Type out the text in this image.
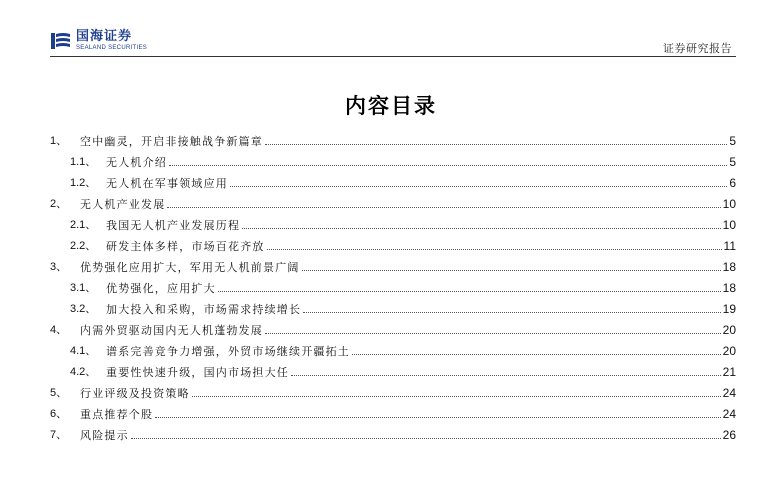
国海证券
SEALAND SECURITIES	证券研究报告
内容目录
1、	空中幽灵，开启非接触战争新篇章	5
1.1、 无人机介绍	5
1.2、 无人机在军事领域应用	6
2、	无人机产业发展	10
2.1、 我国无人机产业发展历程	10
2.2、 研发主体多样，市场百花齐放	11
3、	优势强化应用扩大，军用无人机前景广阔	18
3.1、 优势强化，应用扩大	18
3.2、 加大投入和采购，市场需求持续增长	19
4、	内需外贸驱动国内无人机蓬勃发展	20
4.1、 谱系完善竞争力增强，外贸市场继续开疆拓土	20
4.2、 重要性快速升级，国内市场担大任	21
5、	行业评级及投资策略	24
6、	重点推荐个股	24
7、	风险提示	26
